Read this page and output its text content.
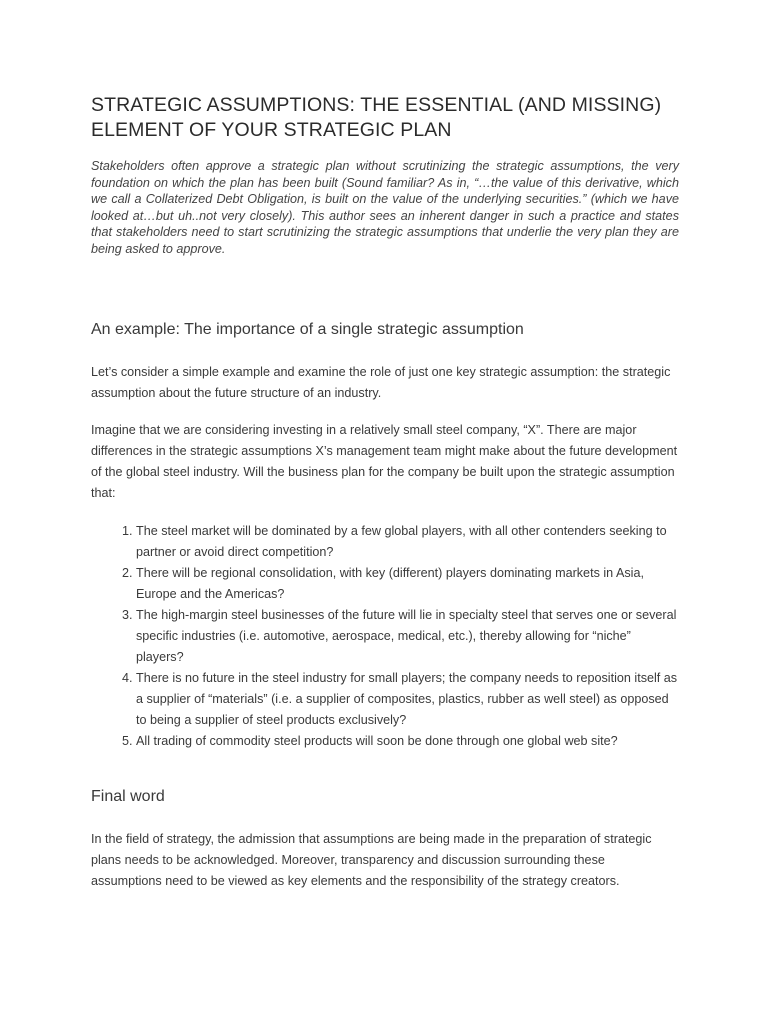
STRATEGIC ASSUMPTIONS: THE ESSENTIAL (AND MISSING) ELEMENT OF YOUR STRATEGIC PLAN

Stakeholders often approve a strategic plan without scrutinizing the strategic assumptions, the very foundation on which the plan has been built (Sound familiar? As in, “…the value of this derivative, which we call a Collaterized Debt Obligation, is built on the value of the underlying securities.” (which we have looked at…but uh..not very closely). This author sees an inherent danger in such a practice and states that stakeholders need to start scrutinizing the strategic assumptions that underlie the very plan they are being asked to approve.

An example: The importance of a single strategic assumption

Let’s consider a simple example and examine the role of just one key strategic assumption: the strategic assumption about the future structure of an industry.

Imagine that we are considering investing in a relatively small steel company, “X”. There are major differences in the strategic assumptions X’s management team might make about the future development of the global steel industry. Will the business plan for the company be built upon the strategic assumption that:

1. The steel market will be dominated by a few global players, with all other contenders seeking to partner or avoid direct competition?
2. There will be regional consolidation, with key (different) players dominating markets in Asia, Europe and the Americas?
3. The high-margin steel businesses of the future will lie in specialty steel that serves one or several specific industries (i.e. automotive, aerospace, medical, etc.), thereby allowing for “niche” players?
4. There is no future in the steel industry for small players; the company needs to reposition itself as a supplier of “materials” (i.e. a supplier of composites, plastics, rubber as well steel) as opposed to being a supplier of steel products exclusively?
5. All trading of commodity steel products will soon be done through one global web site?
Final word

In the field of strategy, the admission that assumptions are being made in the preparation of strategic plans needs to be acknowledged. Moreover, transparency and discussion surrounding these assumptions need to be viewed as key elements and the responsibility of the strategy creators.
